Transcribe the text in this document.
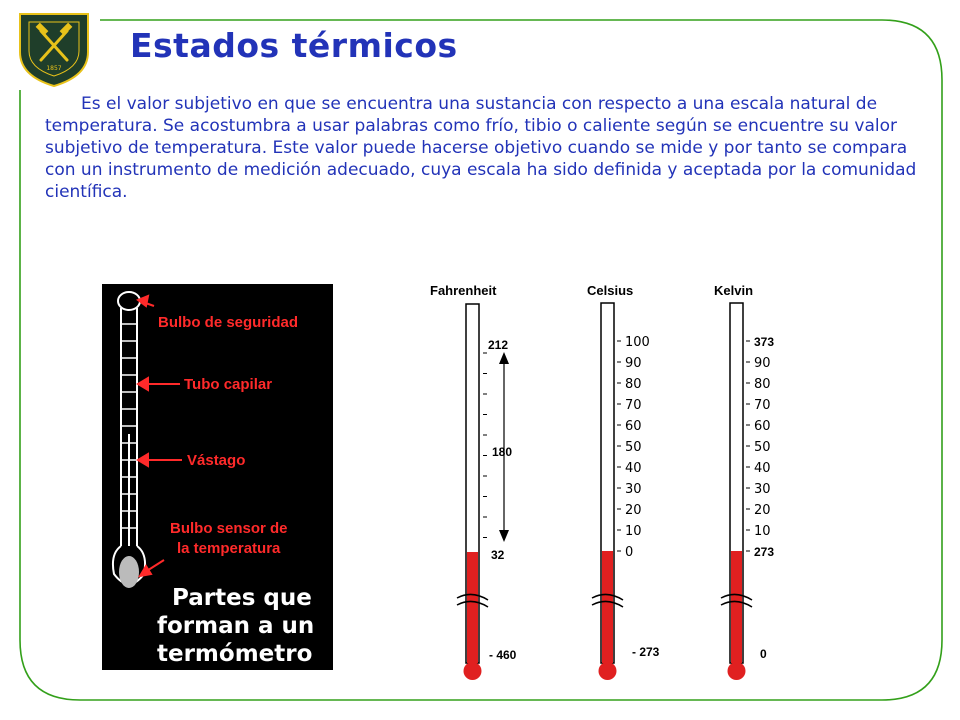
1857
Estados térmicos

Es el valor subjetivo en que se encuentra una sustancia con respecto a una escala natural de temperatura. Se acostumbra a usar palabras como frío, tibio o caliente según se encuentre su valor subjetivo de temperatura. Este valor puede hacerse objetivo cuando se mide y por tanto se compara con un instrumento de medición adecuado, cuya escala ha sido definida y aceptada por la comunidad científica.

Bulbo de seguridad
Tubo capilar
Vástago
Bulbo sensor de
la temperatura
Partes que
forman a un
termómetro
Fahrenheit
212
180
32
- 460
Celsius
100
90
80
70
60
50
40
30
20
10
0
- 273
Kelvin
373
90
80
70
60
50
40
30
20
10
273
0
